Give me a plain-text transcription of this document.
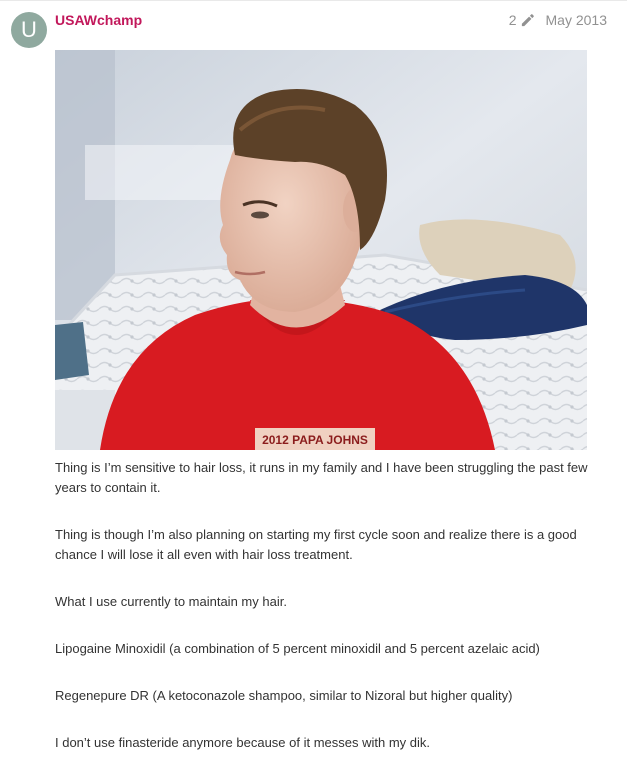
U	USAWchamp	2 May 2013
2012 PAPA JOHNS

Thing is I’m sensitive to hair loss, it runs in my family and I have been struggling the past few years to contain it.

Thing is though I’m also planning on starting my first cycle soon and realize there is a good chance I will lose it all even with hair loss treatment.

What I use currently to maintain my hair.

Lipogaine Minoxidil (a combination of 5 percent minoxidil and 5 percent azelaic acid)

Regenepure DR (A ketoconazole shampoo, similar to Nizoral but higher quality)

I don’t use finasteride anymore because of it messes with my dik.
